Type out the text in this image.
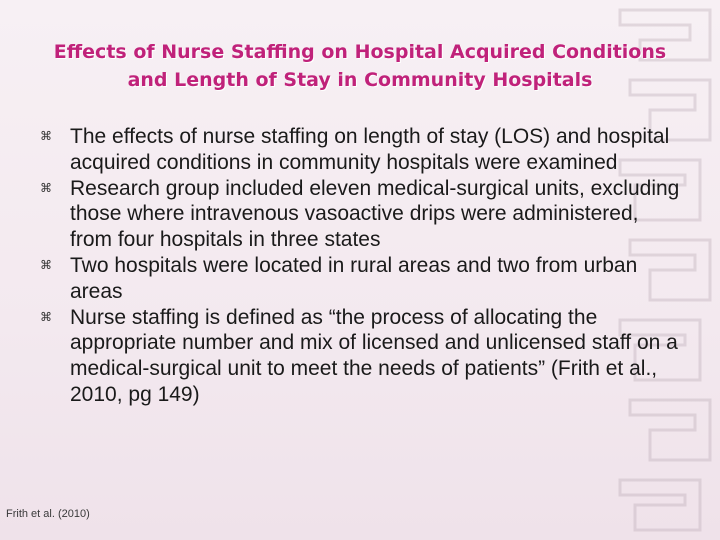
Effects of Nurse Staffing on Hospital Acquired Conditions
and Length of Stay in Community Hospitals
⌘ The effects of nurse staffing on length of stay (LOS) and hospital acquired conditions in community hospitals were examined
⌘ Research group included eleven medical-surgical units, excluding those where intravenous vasoactive drips were administered, from four hospitals in three states
⌘ Two hospitals were located in rural areas and two from urban areas
⌘ Nurse staffing is defined as “the process of allocating the appropriate number and mix of licensed and unlicensed staff on a medical-surgical unit to meet the needs of patients” (Frith et al., 2010, pg 149)
Frith et al. (2010)
